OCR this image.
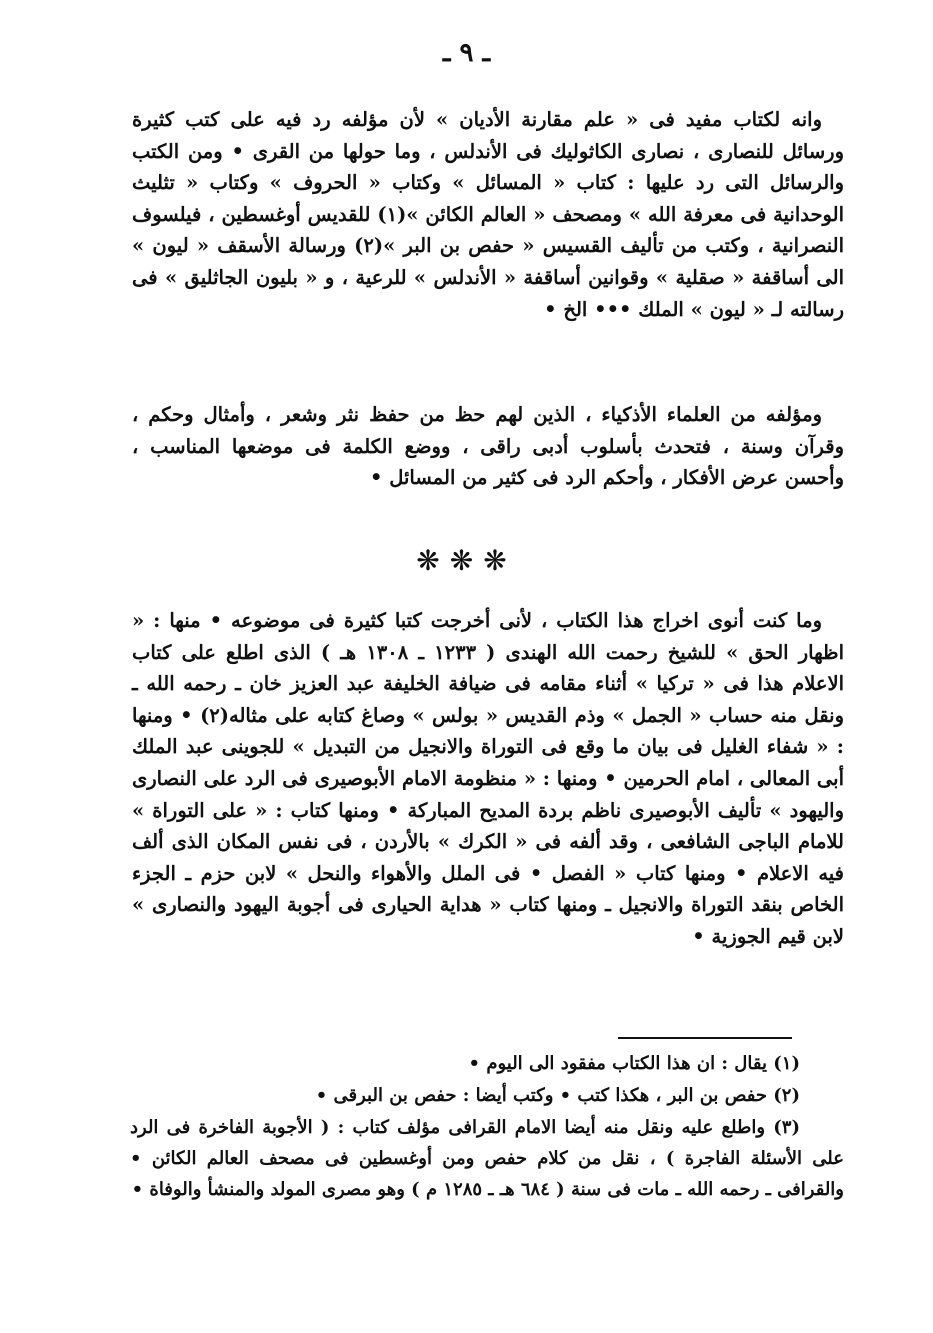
ـ ٩ ـ
وانه لكتاب مفيد فى « علم مقارنة الأديان » لأن مؤلفه رد فيه على كتب كثيرة ورسائل للنصارى ، نصارى الكاثوليك فى الأندلس ، وما حولها من القرى • ومن الكتب والرسائل التى رد عليها : كتاب « المسائل » وكتاب « الحروف » وكتاب « تثليث الوحدانية فى معرفة الله » ومصحف « العالم الكائن »(١) للقديس أوغسطين ، فيلسوف النصرانية ، وكتب من تأليف القسيس « حفص بن البر »(٢) ورسالة الأسقف « ليون » الى أساقفة « صقلية » وقوانين أساقفة « الأندلس » للرعية ، و « بليون الجاثليق » فى رسالته لـ « ليون » الملك ••• الخ •
ومؤلفه من العلماء الأذكياء ، الذين لهم حظ من حفظ نثر وشعر ، وأمثال وحكم ، وقرآن وسنة ، فتحدث بأسلوب أدبى راقى ، ووضع الكلمة فى موضعها المناسب ، وأحسن عرض الأفكار ، وأحكم الرد فى كثير من المسائل •
❋❋❋
وما كنت أنوى اخراج هذا الكتاب ، لأنى أخرجت كتبا كثيرة فى موضوعه • منها : « اظهار الحق » للشيخ رحمت الله الهندى ( ١٢٣٣ ـ ١٣٠٨ هـ ) الذى اطلع على كتاب الاعلام هذا فى « تركيا » أثناء مقامه فى ضيافة الخليفة عبد العزيز خان ـ رحمه الله ـ ونقل منه حساب « الجمل » وذم القديس « بولس » وصاغ كتابه على مثاله(٢) • ومنها : « شفاء الغليل فى بيان ما وقع فى التوراة والانجيل من التبديل » للجوينى عبد الملك أبى المعالى ، امام الحرمين • ومنها : « منظومة الامام الأبوصيرى فى الرد على النصارى واليهود » تأليف الأبوصيرى ناظم بردة المديح المباركة • ومنها كتاب : « على التوراة » للامام الباجى الشافعى ، وقد ألفه فى « الكرك » بالأردن ، فى نفس المكان الذى ألف فيه الاعلام • ومنها كتاب « الفصل • فى الملل والأهواء والنحل » لابن حزم ـ الجزء الخاص بنقد التوراة والانجيل ـ ومنها كتاب « هداية الحيارى فى أجوبة اليهود والنصارى » لابن قيم الجوزية •
(١) يقال : ان هذا الكتاب مفقود الى اليوم •
(٢) حفص بن البر ، هكذا كتب • وكتب أيضا : حفص بن البرقى •
(٣) واطلع عليه ونقل منه أيضا الامام القرافى مؤلف كتاب : ( الأجوبة الفاخرة فى الرد على الأسئلة الفاجرة ) ، نقل من كلام حفص ومن أوغسطين فى مصحف العالم الكائن • والقرافى ـ رحمه الله ـ مات فى سنة ( ٦٨٤ هـ ـ ١٢٨٥ م ) وهو مصرى المولد والمنشأ والوفاة •
